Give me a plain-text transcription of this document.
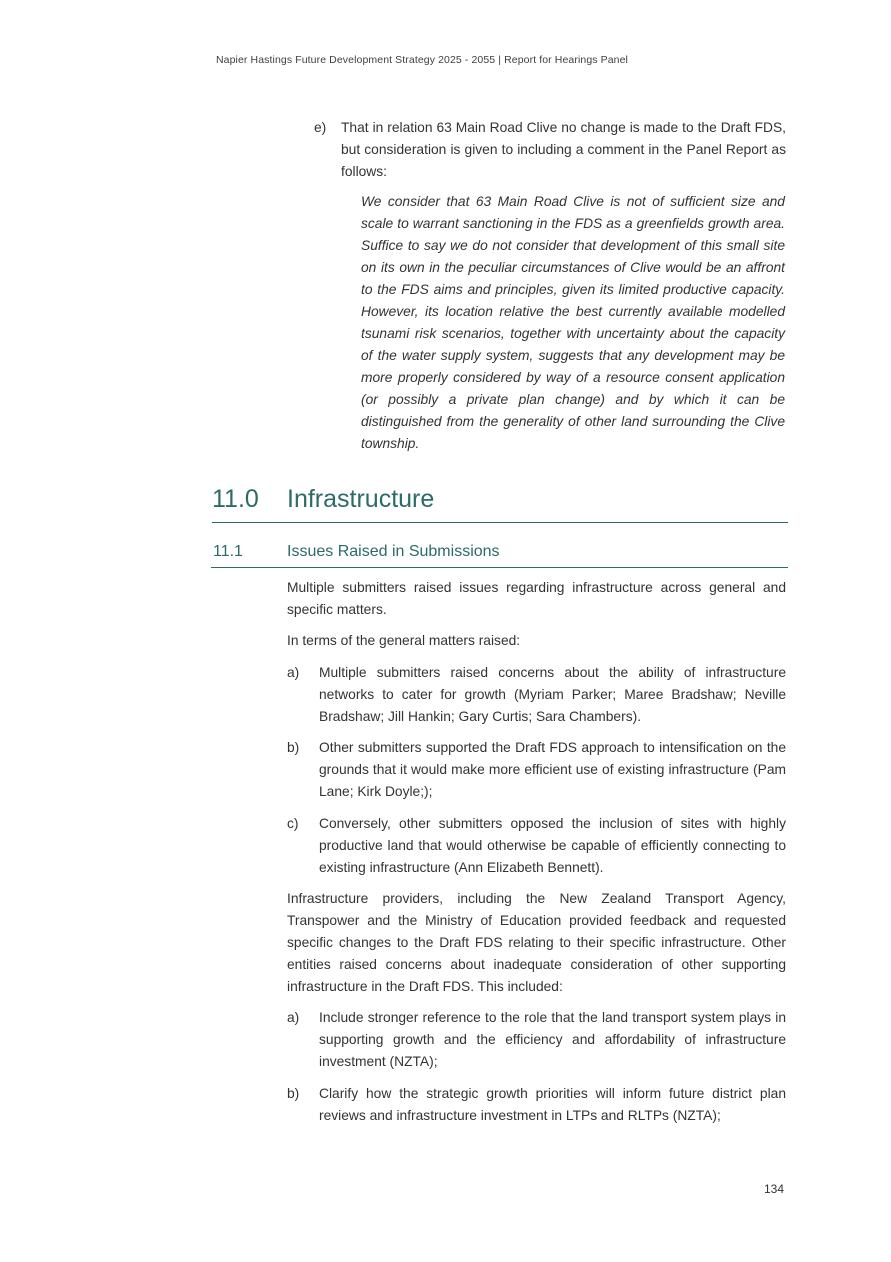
Napier Hastings Future Development Strategy 2025 - 2055 | Report for Hearings Panel
e) That in relation 63 Main Road Clive no change is made to the Draft FDS, but consideration is given to including a comment in the Panel Report as follows:

We consider that 63 Main Road Clive is not of sufficient size and scale to warrant sanctioning in the FDS as a greenfields growth area. Suffice to say we do not consider that development of this small site on its own in the peculiar circumstances of Clive would be an affront to the FDS aims and principles, given its limited productive capacity. However, its location relative the best currently available modelled tsunami risk scenarios, together with uncertainty about the capacity of the water supply system, suggests that any development may be more properly considered by way of a resource consent application (or possibly a private plan change) and by which it can be distinguished from the generality of other land surrounding the Clive township.

11.0 Infrastructure
11.1	Issues Raised in Submissions

Multiple submitters raised issues regarding infrastructure across general and specific matters.

In terms of the general matters raised:

a) Multiple submitters raised concerns about the ability of infrastructure networks to cater for growth (Myriam Parker; Maree Bradshaw; Neville Bradshaw; Jill Hankin; Gary Curtis; Sara Chambers).

b) Other submitters supported the Draft FDS approach to intensification on the grounds that it would make more efficient use of existing infrastructure (Pam Lane; Kirk Doyle;);

c) Conversely, other submitters opposed the inclusion of sites with highly productive land that would otherwise be capable of efficiently connecting to existing infrastructure (Ann Elizabeth Bennett).

Infrastructure providers, including the New Zealand Transport Agency, Transpower and the Ministry of Education provided feedback and requested specific changes to the Draft FDS relating to their specific infrastructure. Other entities raised concerns about inadequate consideration of other supporting infrastructure in the Draft FDS. This included:

a) Include stronger reference to the role that the land transport system plays in supporting growth and the efficiency and affordability of infrastructure investment (NZTA);

b) Clarify how the strategic growth priorities will inform future district plan reviews and infrastructure investment in LTPs and RLTPs (NZTA);

134
